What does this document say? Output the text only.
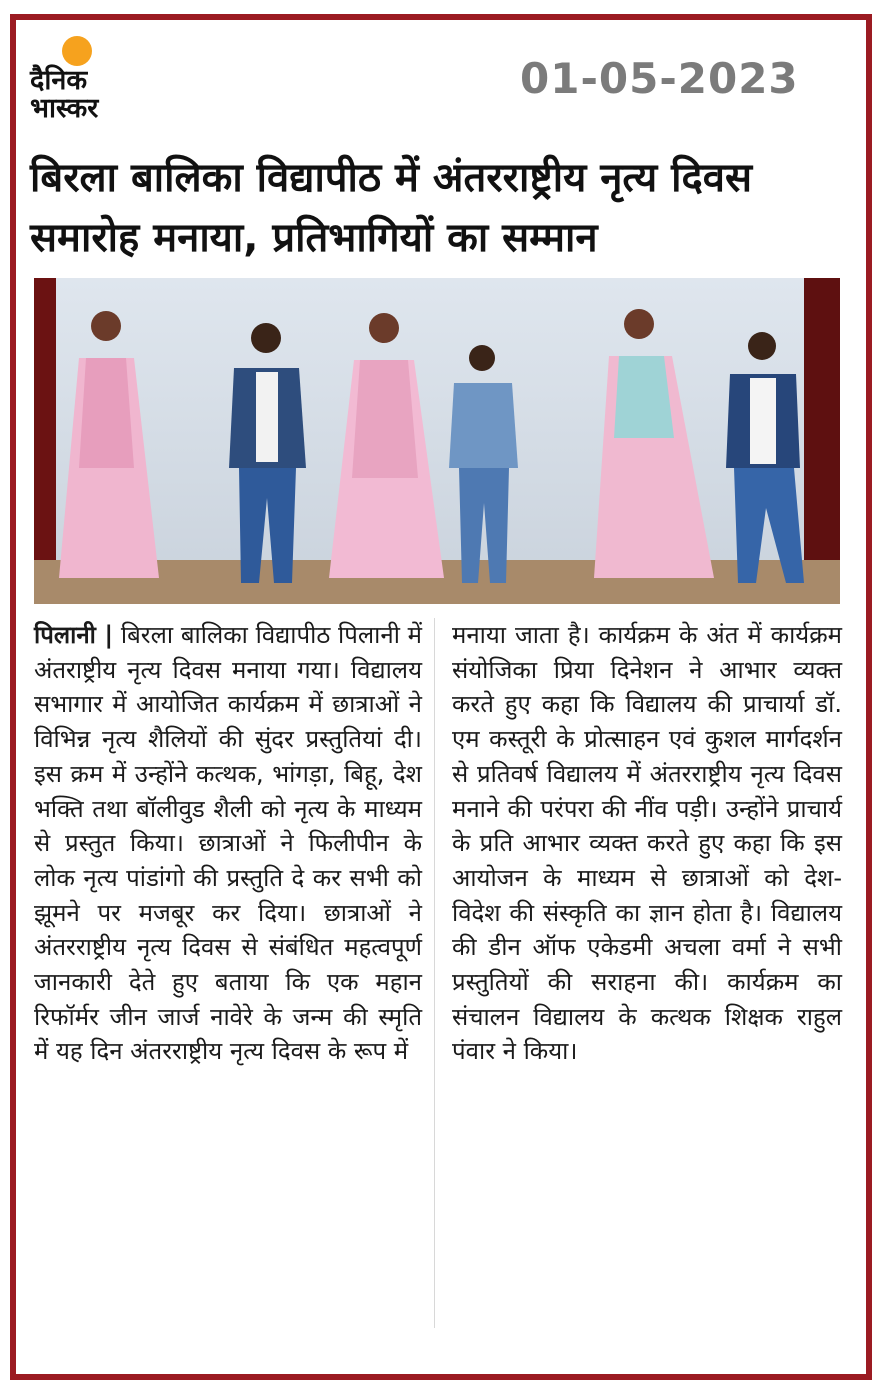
दैनिक
भास्कर
01-05-2023
बिरला बालिका विद्यापीठ में अंतरराष्ट्रीय नृत्य दिवस समारोह मनाया, प्रतिभागियों का सम्मान
पिलानी | बिरला बालिका विद्यापीठ पिलानी में अंतराष्ट्रीय नृत्य दिवस मनाया गया। विद्यालय सभागार में आयोजित कार्यक्रम में छात्राओं ने विभिन्न नृत्य शैलियों की सुंदर प्रस्तुतियां दी। इस क्रम में उन्होंने कत्थक, भांगड़ा, बिहू, देश भक्ति तथा बॉलीवुड शैली को नृत्य के माध्यम से प्रस्तुत किया। छात्राओं ने फिलीपीन के लोक नृत्य पांडांगो की प्रस्तुति दे कर सभी को झूमने पर मजबूर कर दिया। छात्राओं ने अंतरराष्ट्रीय नृत्य दिवस से संबंधित महत्वपूर्ण जानकारी देते हुए बताया कि एक महान रिफॉर्मर जीन जार्ज नावेरे के जन्म की स्मृति में यह दिन अंतरराष्ट्रीय नृत्य दिवस के रूप में
मनाया जाता है। कार्यक्रम के अंत में कार्यक्रम संयोजिका प्रिया दिनेशन ने आभार व्यक्त करते हुए कहा कि विद्यालय की प्राचार्या डॉ. एम कस्तूरी के प्रोत्साहन एवं कुशल मार्गदर्शन से प्रतिवर्ष विद्यालय में अंतरराष्ट्रीय नृत्य दिवस मनाने की परंपरा की नींव पड़ी। उन्होंने प्राचार्य के प्रति आभार व्यक्त करते हुए कहा कि इस आयोजन के माध्यम से छात्राओं को देश-विदेश की संस्कृति का ज्ञान होता है। विद्यालय की डीन ऑफ एकेडमी अचला वर्मा ने सभी प्रस्तुतियों की सराहना की। कार्यक्रम का संचालन विद्यालय के कत्थक शिक्षक राहुल पंवार ने किया।
